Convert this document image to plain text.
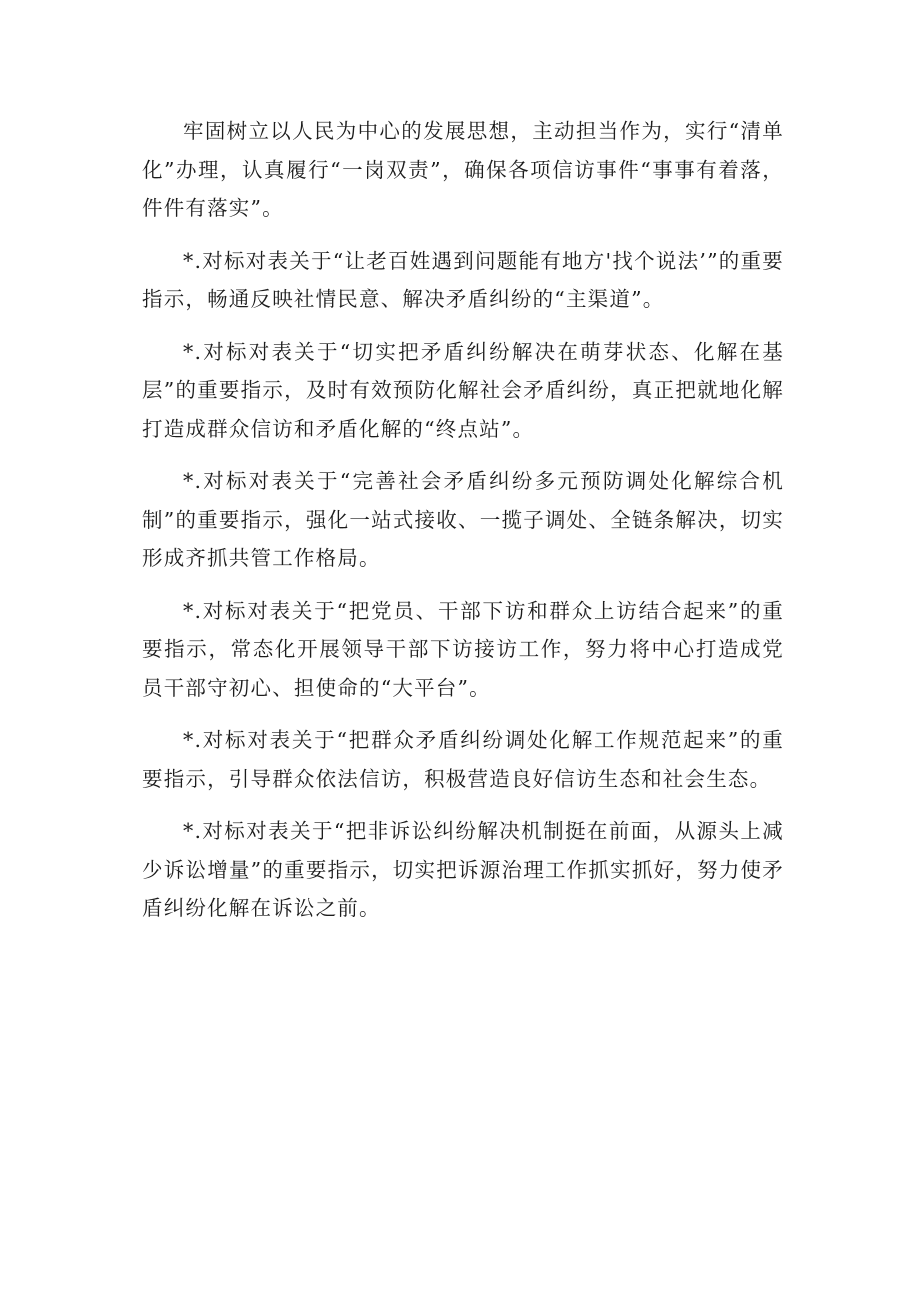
牢固树立以人民为中心的发展思想，主动担当作为，实行“清单化”办理，认真履行“一岗双责”，确保各项信访事件“事事有着落，件件有落实”。

*.对标对表关于“让老百姓遇到问题能有地方'找个说法’”的重要指示，畅通反映社情民意、解决矛盾纠纷的“主渠道”。

*.对标对表关于“切实把矛盾纠纷解决在萌芽状态、化解在基层”的重要指示，及时有效预防化解社会矛盾纠纷，真正把就地化解打造成群众信访和矛盾化解的“终点站”。

*.对标对表关于“完善社会矛盾纠纷多元预防调处化解综合机制”的重要指示，强化一站式接收、一揽子调处、全链条解决，切实形成齐抓共管工作格局。

*.对标对表关于“把党员、干部下访和群众上访结合起来”的重要指示，常态化开展领导干部下访接访工作，努力将中心打造成党员干部守初心、担使命的“大平台”。

*.对标对表关于“把群众矛盾纠纷调处化解工作规范起来”的重要指示，引导群众依法信访，积极营造良好信访生态和社会生态。

*.对标对表关于“把非诉讼纠纷解决机制挺在前面，从源头上减少诉讼增量”的重要指示，切实把诉源治理工作抓实抓好，努力使矛盾纠纷化解在诉讼之前。
